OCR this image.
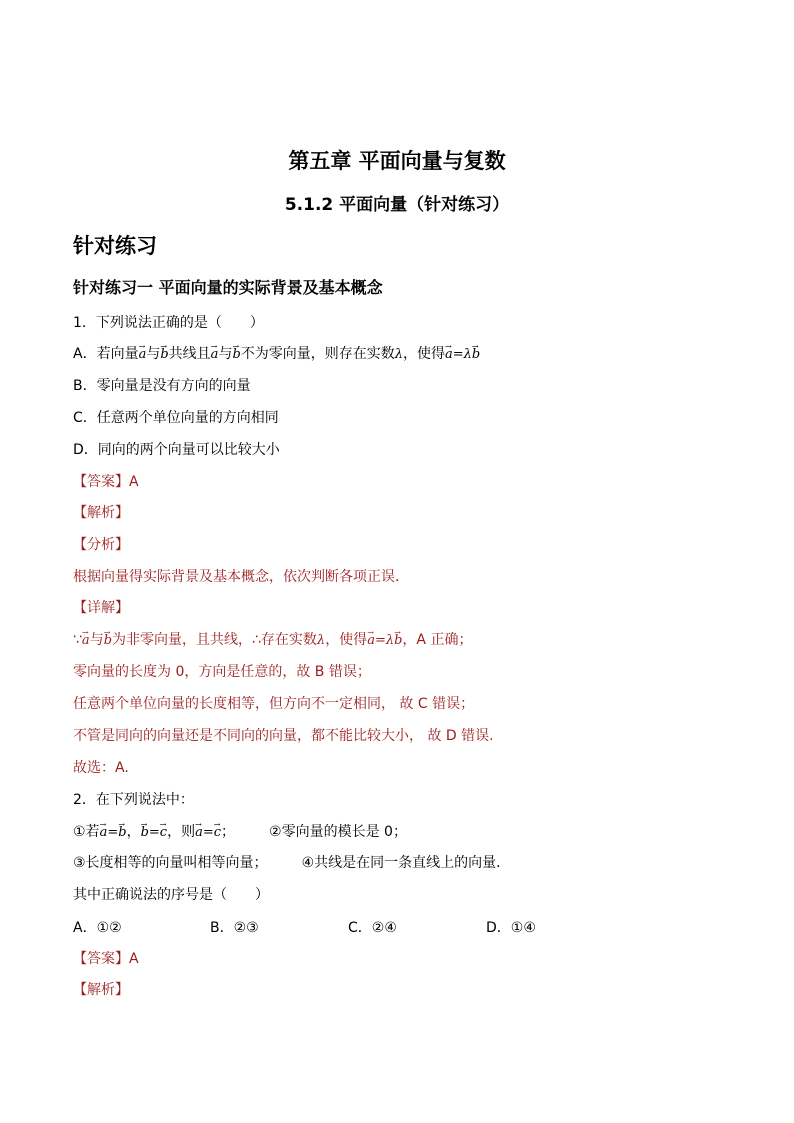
第五章 平面向量与复数
5.1.2 平面向量（针对练习）
针对练习
针对练习一 平面向量的实际背景及基本概念
1．下列说法正确的是（　　）
A．若向量→ a与→ b共线且→ a与→ b不为零向量，则存在实数λ，使得→ a=λ→ b
B．零向量是没有方向的向量
C．任意两个单位向量的方向相同
D．同向的两个向量可以比较大小
【答案】A
【解析】
【分析】
根据向量得实际背景及基本概念，依次判断各项正误．
【详解】
∵→ a与→ b为非零向量，且共线，∴存在实数λ，使得→ a=λ→ b，A 正确；
零向量的长度为 0，方向是任意的，故 B 错误；
任意两个单位向量的长度相等，但方向不一定相同， 故 C 错误；
不管是同向的向量还是不同向的向量，都不能比较大小， 故 D 错误.
故选：A.
2．在下列说法中：
①若→ a=→ b，→ b=→ c，则→ a=→ c； ②零向量的模长是 0；
③长度相等的向量叫相等向量； ④共线是在同一条直线上的向量．
其中正确说法的序号是（　　）
A．①②	B．②③	C．②④	D．①④
【答案】A
【解析】
